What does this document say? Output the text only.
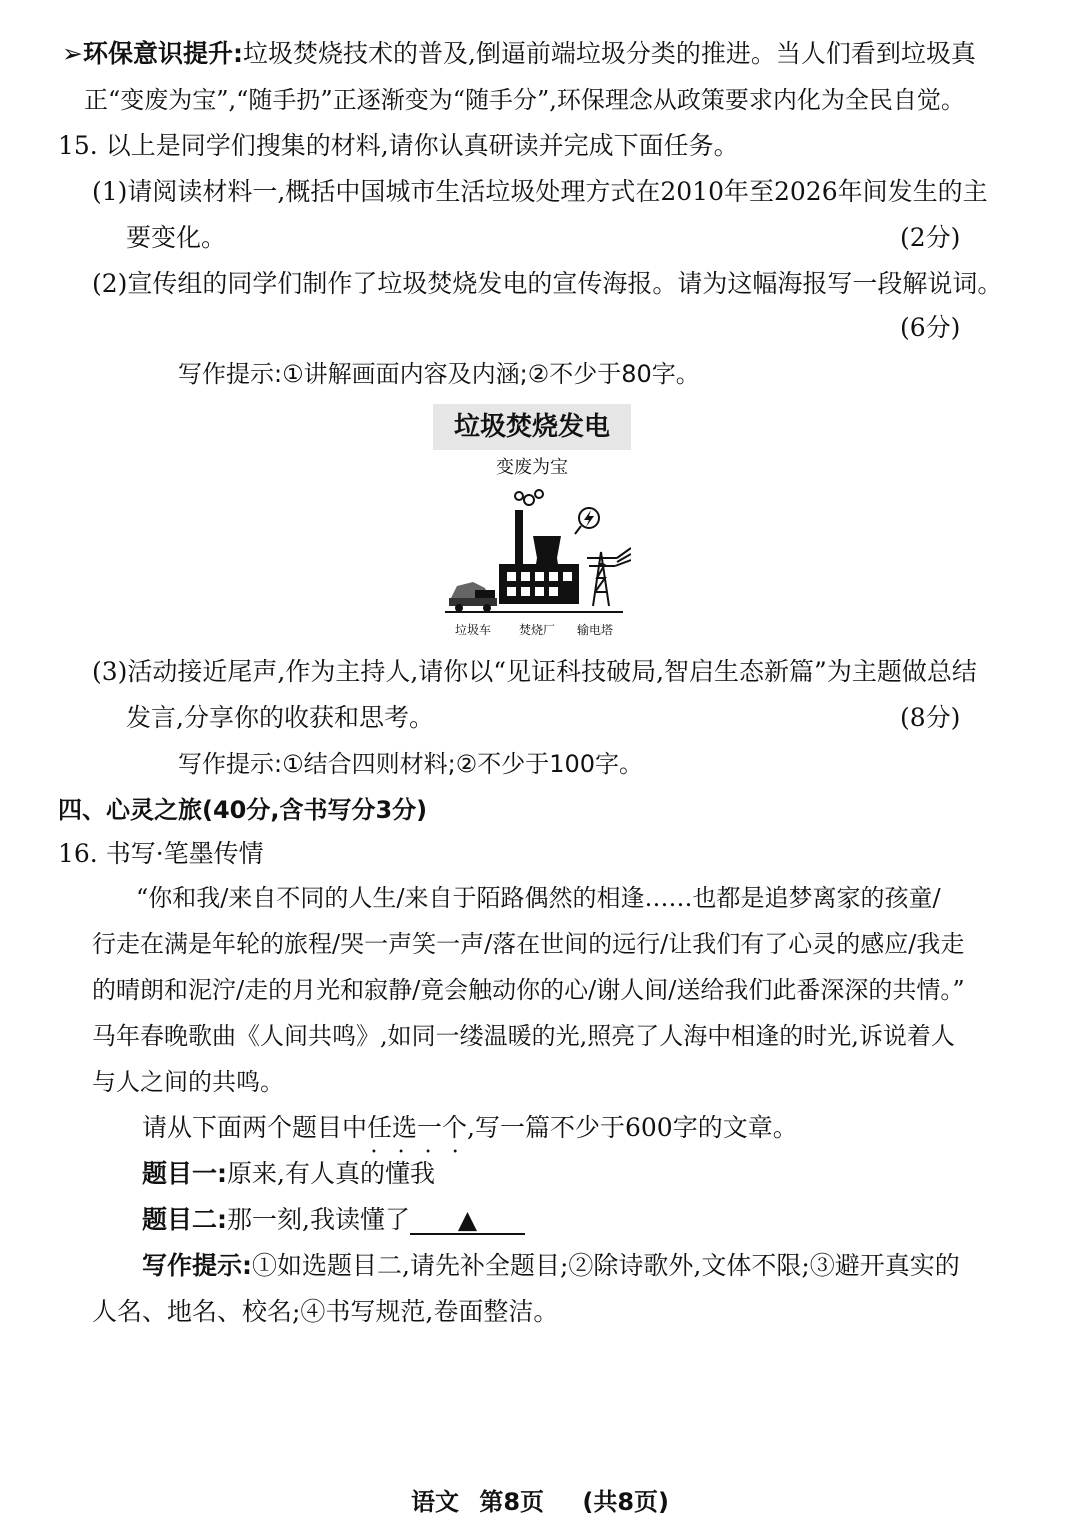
➢环保意识提升:垃圾焚烧技术的普及,倒逼前端垃圾分类的推进。当人们看到垃圾真
正“变废为宝”,“随手扔”正逐渐变为“随手分”,环保理念从政策要求内化为全民自觉。
15. 以上是同学们搜集的材料,请你认真研读并完成下面任务。
(1)请阅读材料一,概括中国城市生活垃圾处理方式在2010年至2026年间发生的主
要变化。	(2分)
(2)宣传组的同学们制作了垃圾焚烧发电的宣传海报。请为这幅海报写一段解说词。
(6分)
写作提示:①讲解画面内容及内涵;②不少于80字。
垃圾焚烧发电
变废为宝
垃圾车 焚烧厂 输电塔
(3)活动接近尾声,作为主持人,请你以“见证科技破局,智启生态新篇”为主题做总结
发言,分享你的收获和思考。	(8分)
写作提示:①结合四则材料;②不少于100字。
四、心灵之旅(40分,含书写分3分)
16. 书写·笔墨传情
“你和我/来自不同的人生/来自于陌路偶然的相逢……也都是追梦离家的孩童/
行走在满是年轮的旅程/哭一声笑一声/落在世间的远行/让我们有了心灵的感应/我走
的晴朗和泥泞/走的月光和寂静/竟会触动你的心/谢人间/送给我们此番深深的共情。”
马年春晚歌曲《人间共鸣》,如同一缕温暖的光,照亮了人海中相逢的时光,诉说着人
与人之间的共鸣。
请从下面两个题目中任选一个 • • • •,写一篇不少于600字的文章。
题目一:原来,有人真的懂我
题目二:那一刻,我读懂了 ▲
写作提示:①如选题目二,请先补全题目;②除诗歌外,文体不限;③避开真实的
人名、地名、校名;④书写规范,卷面整洁。
语文 第8页 (共8页)
